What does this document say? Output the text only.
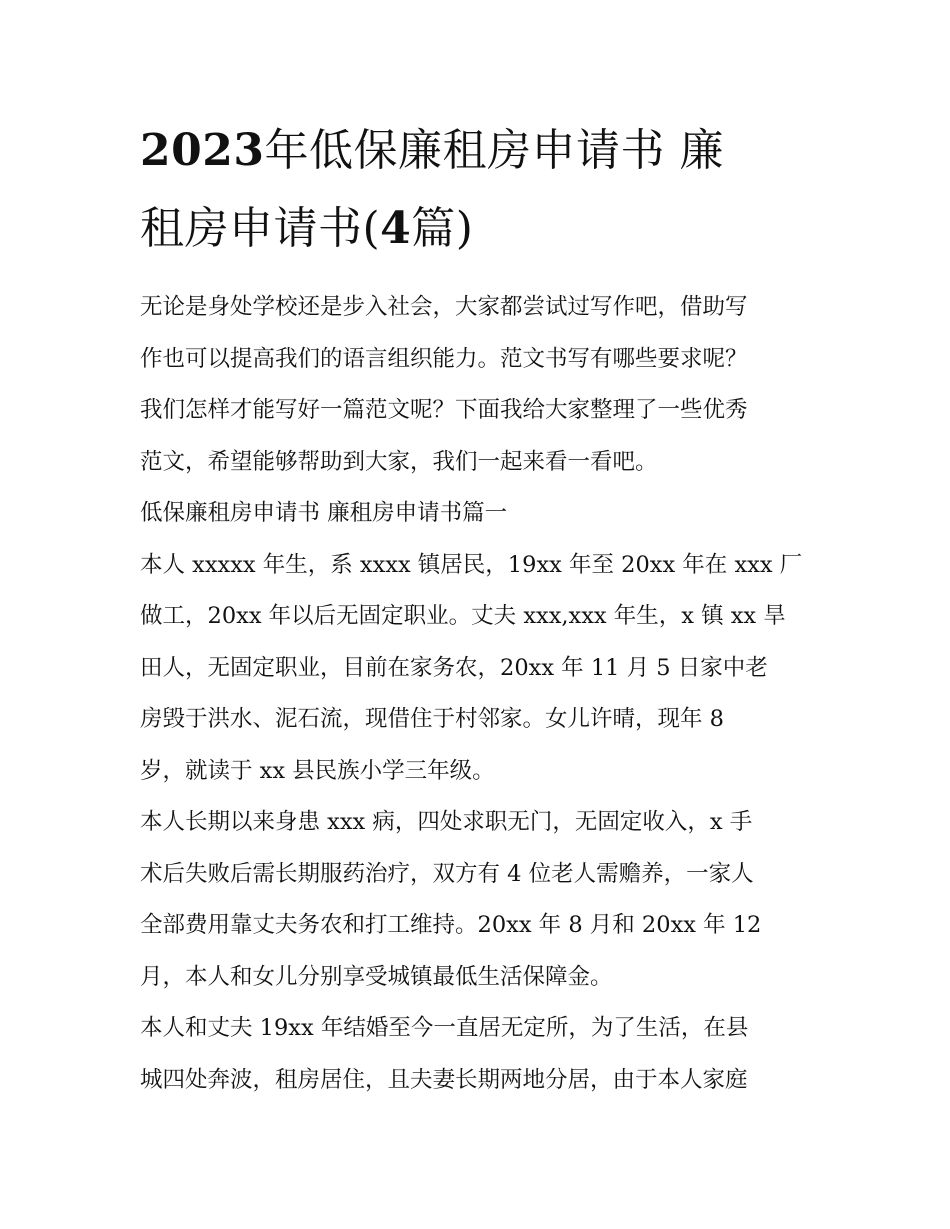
2023年低保廉租房申请书 廉
租房申请书(4篇)
无论是身处学校还是步入社会，大家都尝试过写作吧，借助写
作也可以提高我们的语言组织能力。范文书写有哪些要求呢？
我们怎样才能写好一篇范文呢？下面我给大家整理了一些优秀
范文，希望能够帮助到大家，我们一起来看一看吧。
低保廉租房申请书 廉租房申请书篇一
本人 xxxxx 年生，系 xxxx 镇居民，19xx 年至 20xx 年在 xxx 厂
做工，20xx 年以后无固定职业。丈夫 xxx,xxx 年生，x 镇 xx 旱
田人，无固定职业，目前在家务农，20xx 年 11 月 5 日家中老
房毁于洪水、泥石流，现借住于村邻家。女儿许晴，现年 8
岁，就读于 xx 县民族小学三年级。
本人长期以来身患 xxx 病，四处求职无门，无固定收入，x 手
术后失败后需长期服药治疗，双方有 4 位老人需赡养，一家人
全部费用靠丈夫务农和打工维持。20xx 年 8 月和 20xx 年 12
月，本人和女儿分别享受城镇最低生活保障金。
本人和丈夫 19xx 年结婚至今一直居无定所，为了生活，在县
城四处奔波，租房居住，且夫妻长期两地分居，由于本人家庭
